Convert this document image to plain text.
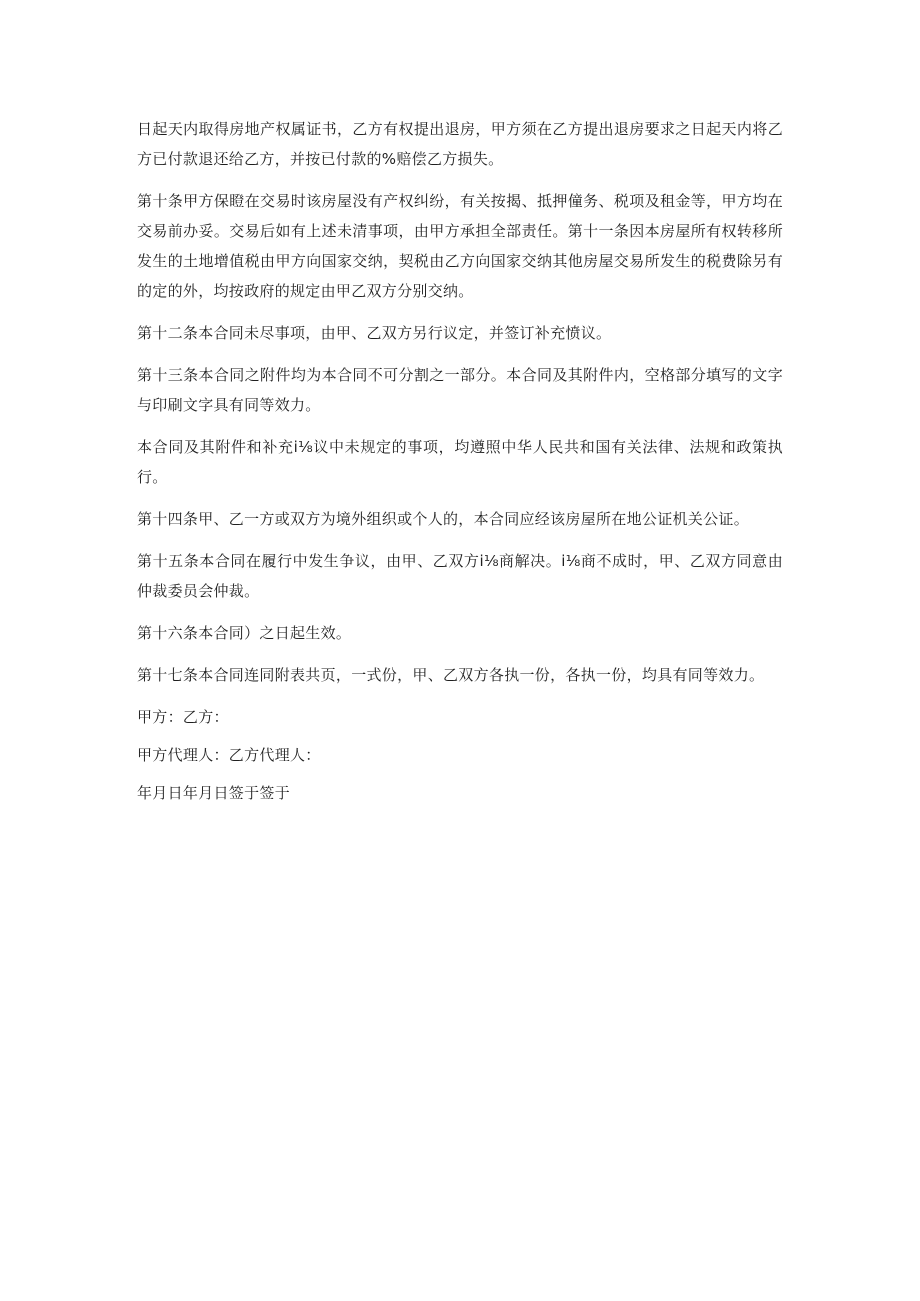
日起天内取得房地产权属证书，乙方有权提出退房，甲方须在乙方提出退房要求之日起天内将乙方已付款退还给乙方，并按已付款的%赔偿乙方损失。

第十条甲方保瞪在交易时该房屋没有产权纠纷，有关按揭、抵押僮务、税项及租金等，甲方均在交易前办妥。交易后如有上述未清事项，由甲方承担全部责任。第十一条因本房屋所有权转移所发生的土地增值税由甲方向国家交纳，契税由乙方向国家交纳其他房屋交易所发生的税费除另有的定的外，均按政府的规定由甲乙双方分别交纳。

第十二条本合同未尽事项，由甲、乙双方另行议定，并签订补充愤议。

第十三条本合同之附件均为本合同不可分割之一部分。本合同及其附件内，空格部分填写的文字与印刷文字具有同等效力。

本合同及其附件和补充i⅛议中未规定的事项，均遵照中华人民共和国有关法律、法规和政策执行。

第十四条甲、乙一方或双方为境外组织或个人的，本合同应经该房屋所在地公证机关公证。

第十五条本合同在履行中发生争议，由甲、乙双方i⅛商解决。i⅛商不成时，甲、乙双方同意由仲裁委员会仲裁。

第十六条本合同）之日起生效。

第十七条本合同连同附表共页，一式份，甲、乙双方各执一份，各执一份，均具有同等效力。

甲方：乙方：

甲方代理人：乙方代理人：

年月日年月日签于签于
